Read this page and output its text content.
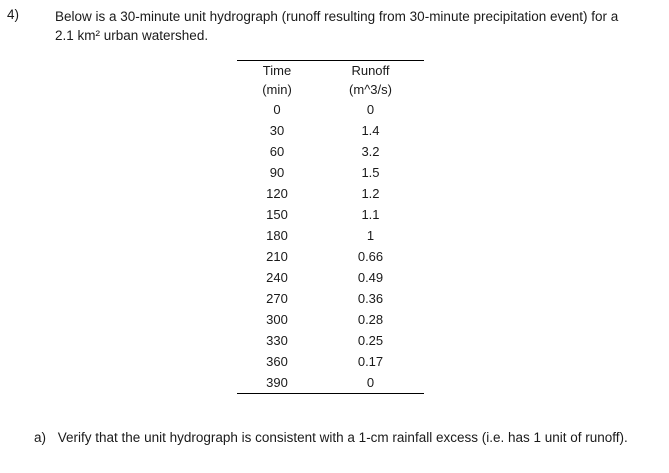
4)	Below is a 30-minute unit hydrograph (runoff resulting from 30-minute precipitation event) for a
2.1 km² urban watershed.
Time	Runoff
(min)	(m^3/s)
0	0
30	1.4
60	3.2
90	1.5
120	1.2
150	1.1
180	1
210	0.66
240	0.49
270	0.36
300	0.28
330	0.25
360	0.17
390	0
a) Verify that the unit hydrograph is consistent with a 1-cm rainfall excess (i.e. has 1 unit of runoff).
